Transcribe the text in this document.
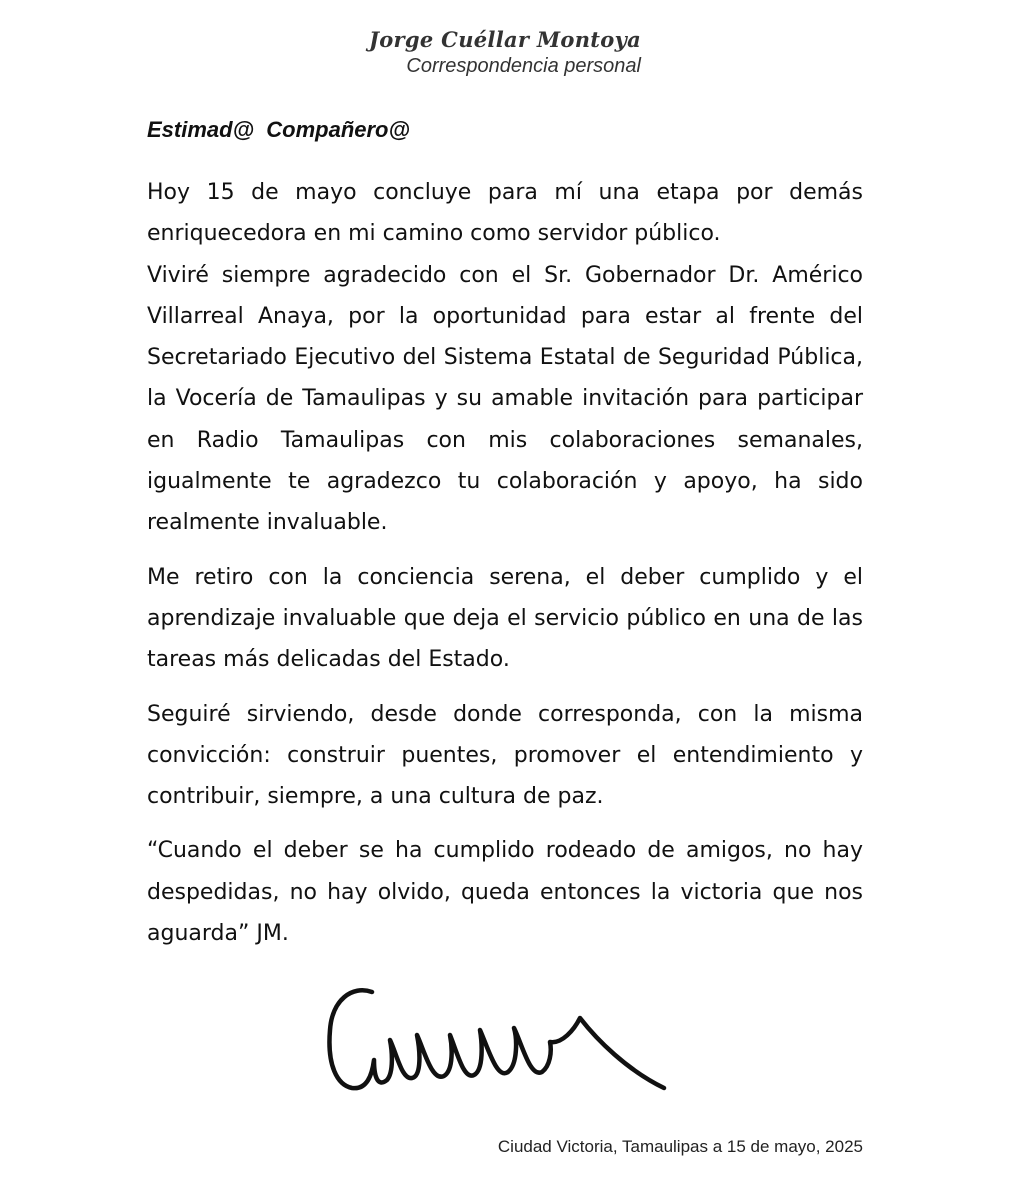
Jorge Cuéllar Montoya
Correspondencia personal
Estimad@  Compañero@

Hoy 15 de mayo concluye para mí una etapa por demás enriquecedora en mi camino como servidor público.

Viviré siempre agradecido con el Sr. Gobernador Dr. Américo Villarreal Anaya, por la oportunidad para estar al frente del Secretariado Ejecutivo del Sistema Estatal de Seguridad Pública, la Vocería de Tamaulipas y su amable invitación para participar en Radio Tamaulipas con mis colaboraciones semanales, igualmente te agradezco tu colaboración y apoyo, ha sido realmente invaluable.

Me retiro con la conciencia serena, el deber cumplido y el aprendizaje invaluable que deja el servicio público en una de las tareas más delicadas del Estado.

Seguiré sirviendo, desde donde corresponda, con la misma convicción: construir puentes, promover el entendimiento y contribuir, siempre, a una cultura de paz.

“Cuando el deber se ha cumplido rodeado de amigos, no hay despedidas, no hay olvido, queda entonces la victoria que nos aguarda” JM.

Ciudad Victoria, Tamaulipas a 15 de mayo, 2025
